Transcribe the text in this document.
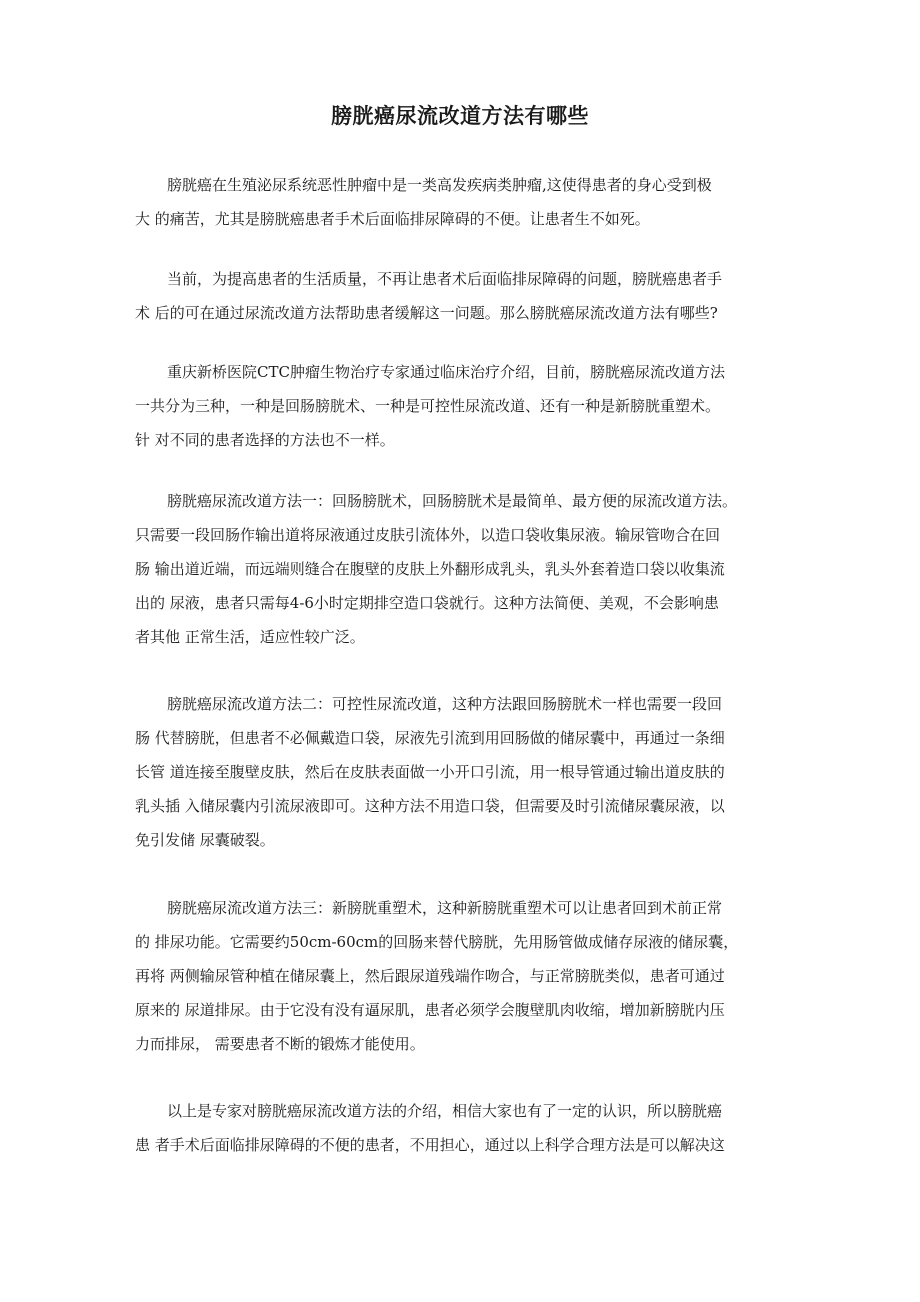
膀胱癌尿流改道方法有哪些

膀胱癌在生殖泌尿系统恶性肿瘤中是一类高发疾病类肿瘤,这使得患者的身心受到极
大 的痛苦，尤其是膀胱癌患者手术后面临排尿障碍的不便。让患者生不如死。

当前，为提高患者的生活质量，不再让患者术后面临排尿障碍的问题，膀胱癌患者手
术 后的可在通过尿流改道方法帮助患者缓解这一问题。那么膀胱癌尿流改道方法有哪些?

重庆新桥医院CTC肿瘤生物治疗专家通过临床治疗介绍，目前，膀胱癌尿流改道方法
一共分为三种，一种是回肠膀胱术、一种是可控性尿流改道、还有一种是新膀胱重塑术。
针 对不同的患者选择的方法也不一样。

膀胱癌尿流改道方法一：回肠膀胱术，回肠膀胱术是最简单、最方便的尿流改道方法。
只需要一段回肠作输出道将尿液通过皮肤引流体外，以造口袋收集尿液。输尿管吻合在回
肠 输出道近端，而远端则缝合在腹壁的皮肤上外翻形成乳头，乳头外套着造口袋以收集流
出的 尿液，患者只需每4-6小时定期排空造口袋就行。这种方法简便、美观，不会影响患
者其他 正常生活，适应性较广泛。

膀胱癌尿流改道方法二：可控性尿流改道，这种方法跟回肠膀胱术一样也需要一段回
肠 代替膀胱，但患者不必佩戴造口袋，尿液先引流到用回肠做的储尿囊中，再通过一条细
长管 道连接至腹壁皮肤，然后在皮肤表面做一小开口引流，用一根导管通过输出道皮肤的
乳头插 入储尿囊内引流尿液即可。这种方法不用造口袋，但需要及时引流储尿囊尿液，以
免引发储 尿囊破裂。

膀胱癌尿流改道方法三：新膀胱重塑术，这种新膀胱重塑术可以让患者回到术前正常
的 排尿功能。它需要约50cm-60cm的回肠来替代膀胱，先用肠管做成储存尿液的储尿囊，
再将 两侧输尿管种植在储尿囊上，然后跟尿道残端作吻合，与正常膀胱类似，患者可通过
原来的 尿道排尿。由于它没有没有逼尿肌，患者必须学会腹壁肌肉收缩，增加新膀胱内压
力而排尿， 需要患者不断的锻炼才能使用。

以上是专家对膀胱癌尿流改道方法的介绍，相信大家也有了一定的认识，所以膀胱癌
患 者手术后面临排尿障碍的不便的患者，不用担心，通过以上科学合理方法是可以解决这
